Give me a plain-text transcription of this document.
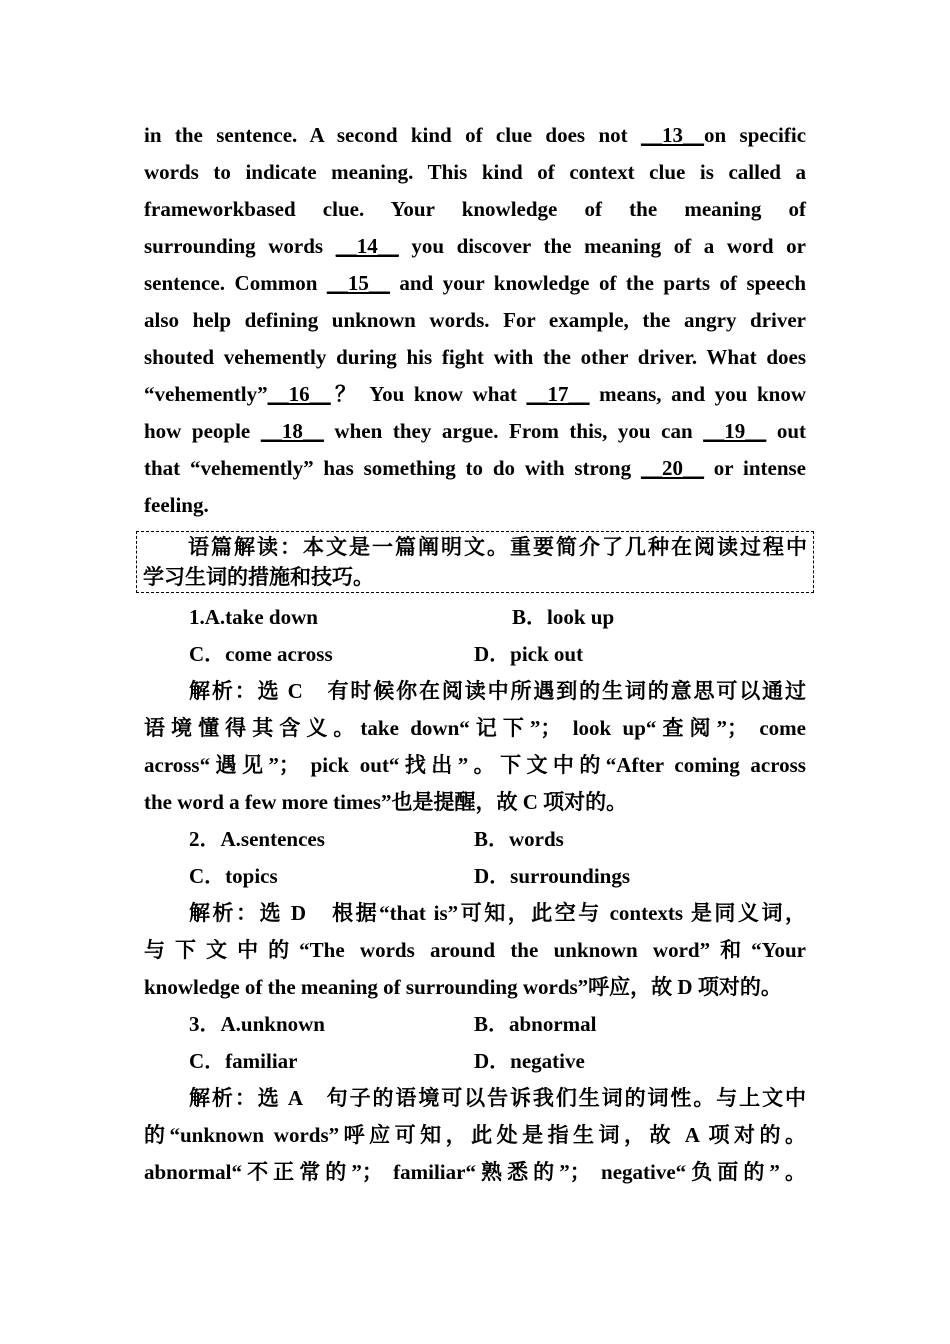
in the sentence. A second kind of clue does not __13__on specific
words to indicate meaning. This kind of context clue is called a
frameworkbased clue. Your knowledge of the meaning of
surrounding words __14__ you discover the meaning of a word or
sentence. Common __15__ and your knowledge of the parts of speech
also help defining unknown words. For example, the angry driver
shouted vehemently during his fight with the other driver. What does
“vehemently”__16__？ You know what __17__ means, and you know
how people __18__ when they argue. From this, you can __19__ out
that “vehemently” has something to do with strong __20__ or intense
feeling.
语篇解读：本文是一篇阐明文。重要简介了几种在阅读过程中
学习生词的措施和技巧。
1.A.take down	B．look up
C．come across	D．pick out
解析：选 C　有时候你在阅读中所遇到的生词的意思可以通过
语境懂得其含义。take down“记下”； look up“查阅”； come
across“遇见”； pick out“找出”。下文中的“After coming across
the word a few more times”也是提醒，故 C 项对的。
2．A.sentences	B．words
C．topics	D．surroundings
解析：选 D　根据“that is”可知，此空与 contexts 是同义词，
与下文中的“The words around the unknown word”和“Your
knowledge of the meaning of surrounding words”呼应，故 D 项对的。
3．A.unknown	B．abnormal
C．familiar	D．negative
解析：选 A　句子的语境可以告诉我们生词的词性。与上文中
的“unknown words”呼应可知，此处是指生词，故 A 项对的。
abnormal“不正常的”； familiar“熟悉的”； negative“负面的”。
